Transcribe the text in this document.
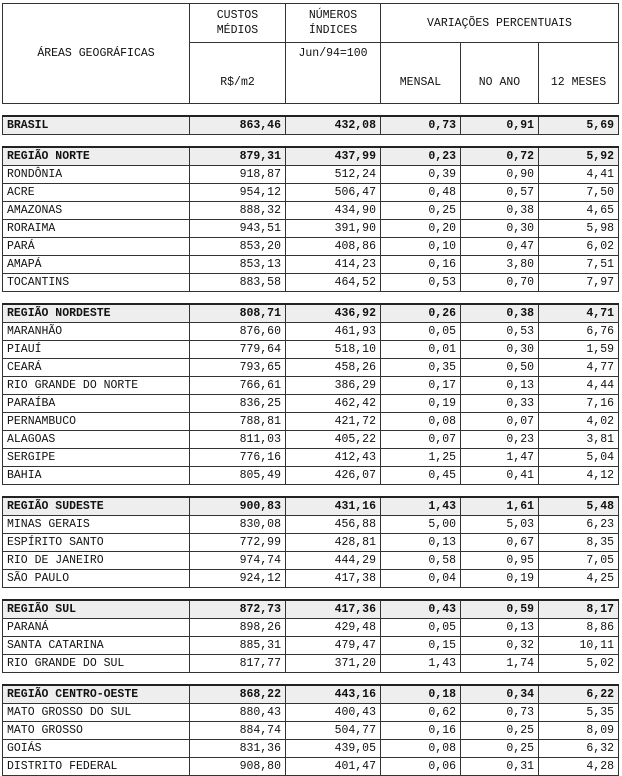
ÁREAS GEOGRÁFICAS	CUSTOS MÉDIOS	NÚMEROS ÍNDICES	VARIAÇÕES PERCENTUAIS		
	R$/m2	Jun/94=100	MENSAL	NO ANO	12 MESES

BRASIL	863,46	432,08	0,73	0,91	5,69

REGIÃO NORTE	879,31	437,99	0,23	0,72	5,92
RONDÔNIA	918,87	512,24	0,39	0,90	4,41
ACRE	954,12	506,47	0,48	0,57	7,50
AMAZONAS	888,32	434,90	0,25	0,38	4,65
RORAIMA	943,51	391,90	0,20	0,30	5,98
PARÁ	853,20	408,86	0,10	0,47	6,02
AMAPÁ	853,13	414,23	0,16	3,80	7,51
TOCANTINS	883,58	464,52	0,53	0,70	7,97

REGIÃO NORDESTE	808,71	436,92	0,26	0,38	4,71
MARANHÃO	876,60	461,93	0,05	0,53	6,76
PIAUÍ	779,64	518,10	0,01	0,30	1,59
CEARÁ	793,65	458,26	0,35	0,50	4,77
RIO GRANDE DO NORTE	766,61	386,29	0,17	0,13	4,44
PARAÍBA	836,25	462,42	0,19	0,33	7,16
PERNAMBUCO	788,81	421,72	0,08	0,07	4,02
ALAGOAS	811,03	405,22	0,07	0,23	3,81
SERGIPE	776,16	412,43	1,25	1,47	5,04
BAHIA	805,49	426,07	0,45	0,41	4,12

REGIÃO SUDESTE	900,83	431,16	1,43	1,61	5,48
MINAS GERAIS	830,08	456,88	5,00	5,03	6,23
ESPÍRITO SANTO	772,99	428,81	0,13	0,67	8,35
RIO DE JANEIRO	974,74	444,29	0,58	0,95	7,05
SÃO PAULO	924,12	417,38	0,04	0,19	4,25

REGIÃO SUL	872,73	417,36	0,43	0,59	8,17
PARANÁ	898,26	429,48	0,05	0,13	8,86
SANTA CATARINA	885,31	479,47	0,15	0,32	10,11
RIO GRANDE DO SUL	817,77	371,20	1,43	1,74	5,02

REGIÃO CENTRO-OESTE	868,22	443,16	0,18	0,34	6,22
MATO GROSSO DO SUL	880,43	400,43	0,62	0,73	5,35
MATO GROSSO	884,74	504,77	0,16	0,25	8,09
GOIÁS	831,36	439,05	0,08	0,25	6,32
DISTRITO FEDERAL	908,80	401,47	0,06	0,31	4,28
